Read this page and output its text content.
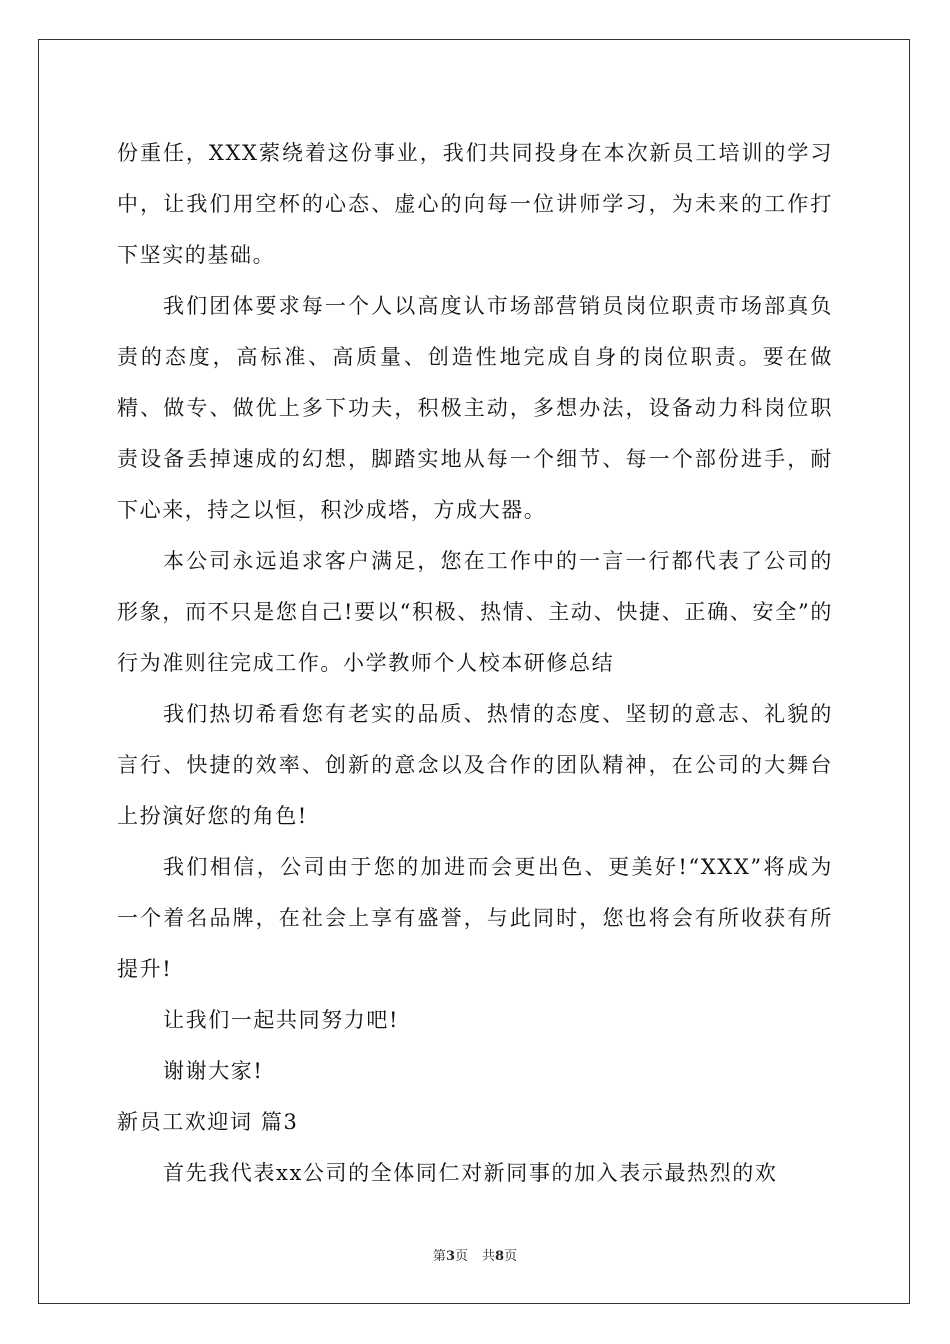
份重任，XXX萦绕着这份事业，我们共同投身在本次新员工培训的学习中，让我们用空杯的心态、虚心的向每一位讲师学习，为未来的工作打下坚实的基础。

我们团体要求每一个人以高度认市场部营销员岗位职责市场部真负责的态度，高标准、高质量、创造性地完成自身的岗位职责。要在做精、做专、做优上多下功夫，积极主动，多想办法，设备动力科岗位职责设备丢掉速成的幻想，脚踏实地从每一个细节、每一个部份进手，耐下心来，持之以恒，积沙成塔，方成大器。

本公司永远追求客户满足，您在工作中的一言一行都代表了公司的形象，而不只是您自己!要以“积极、热情、主动、快捷、正确、安全”的行为准则往完成工作。小学教师个人校本研修总结

我们热切希看您有老实的品质、热情的态度、坚韧的意志、礼貌的言行、快捷的效率、创新的意念以及合作的团队精神，在公司的大舞台上扮演好您的角色!

我们相信，公司由于您的加进而会更出色、更美好!“XXX”将成为一个着名品牌，在社会上享有盛誉，与此同时，您也将会有所收获有所提升!

让我们一起共同努力吧!

谢谢大家!

新员工欢迎词 篇3

首先我代表xx公司的全体同仁对新同事的加入表示最热烈的欢

第3页 共8页
